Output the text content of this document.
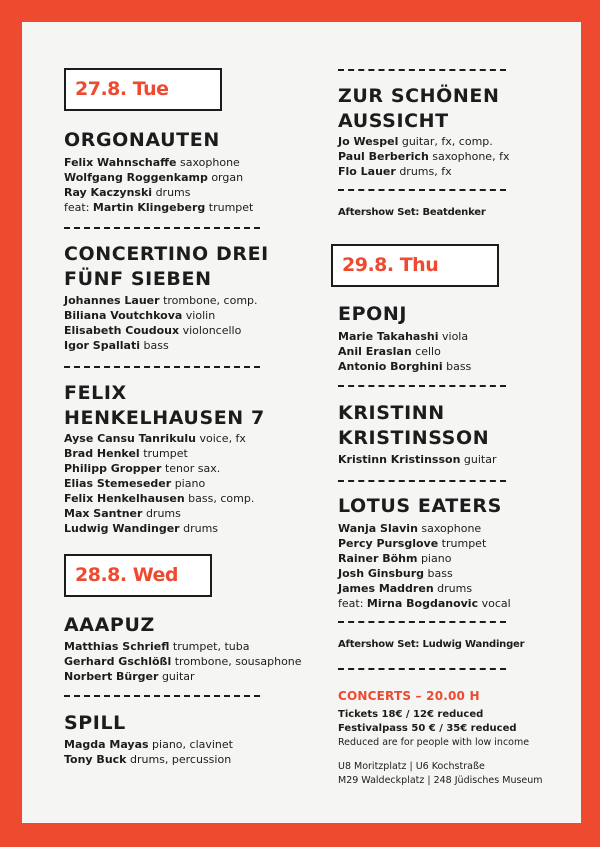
27.8. Tue
ORGONAUTEN
Felix Wahnschaffe saxophone
Wolfgang Roggenkamp organ
Ray Kaczynski drums
feat: Martin Klingeberg trumpet
CONCERTINO DREI
FÜNF SIEBEN
Johannes Lauer trombone, comp.
Biliana Voutchkova violin
Elisabeth Coudoux violoncello
Igor Spallati bass
FELIX
HENKELHAUSEN 7
Ayse Cansu Tanrikulu voice, fx
Brad Henkel trumpet
Philipp Gropper tenor sax.
Elias Stemeseder piano
Felix Henkelhausen bass, comp.
Max Santner drums
Ludwig Wandinger drums
28.8. Wed
AAAPUZ
Matthias Schriefl trumpet, tuba
Gerhard Gschlößl trombone, sousaphone
Norbert Bürger guitar
SPILL
Magda Mayas piano, clavinet
Tony Buck drums, percussion
ZUR SCHÖNEN
AUSSICHT
Jo Wespel guitar, fx, comp.
Paul Berberich saxophone, fx
Flo Lauer drums, fx
Aftershow Set: Beatdenker
29.8. Thu
EPONJ
Marie Takahashi viola
Anil Eraslan cello
Antonio Borghini bass
KRISTINN
KRISTINSSON
Kristinn Kristinsson guitar
LOTUS EATERS
Wanja Slavin saxophone
Percy Pursglove trumpet
Rainer Böhm piano
Josh Ginsburg bass
James Maddren drums
feat: Mirna Bogdanovic vocal
Aftershow Set: Ludwig Wandinger
CONCERTS – 20.00 H
Tickets 18€ / 12€ reduced
Festivalpass 50 € / 35€ reduced
Reduced are for people with low income
U8 Moritzplatz | U6 Kochstraße
M29 Waldeckplatz | 248 Jüdisches Museum
